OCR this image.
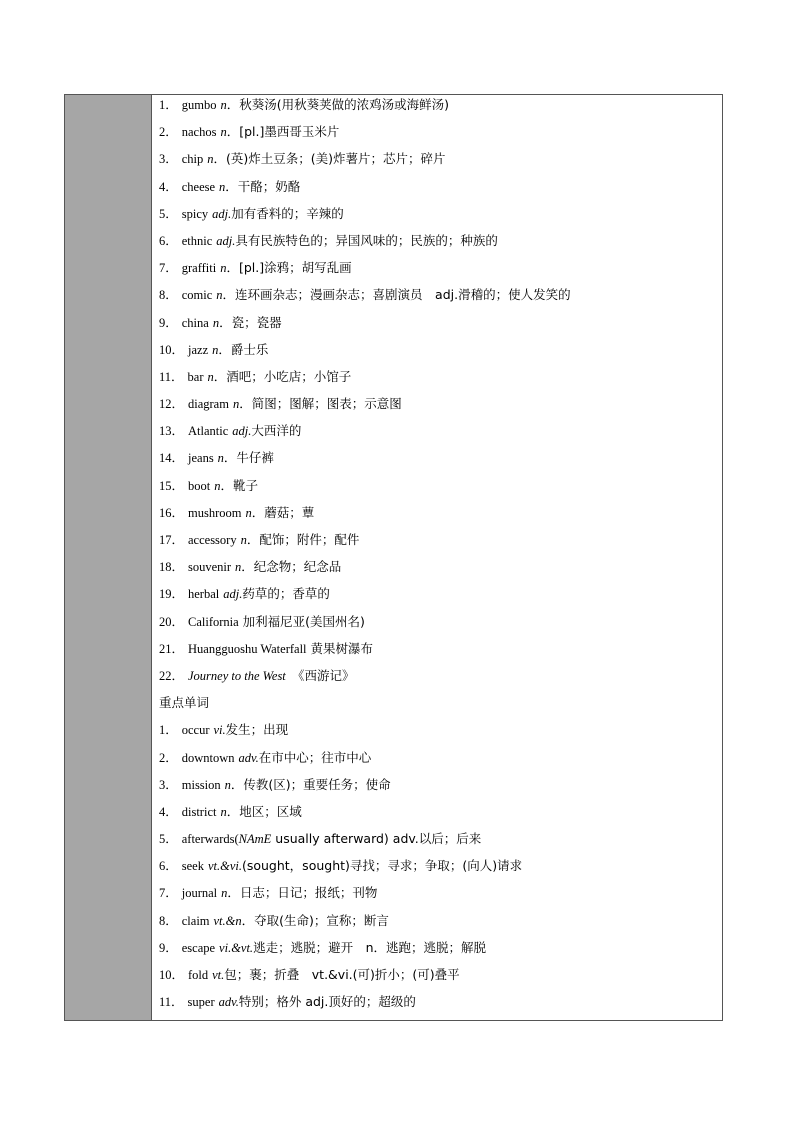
1． gumbo n．秋葵汤(用秋葵荚做的浓鸡汤或海鲜汤)
2． nachos n．[pl.]墨西哥玉米片
3． chip n．(英)炸土豆条；(美)炸薯片；芯片；碎片
4． cheese n．干酪；奶酪
5． spicy adj.加有香料的；辛辣的
6． ethnic adj.具有民族特色的；异国风味的；民族的；种族的
7． graffiti n．[pl.]涂鸦；胡写乱画
8． comic n．连环画杂志；漫画杂志；喜剧演员　adj.滑稽的；使人发笑的
9． china n．瓷；瓷器
10． jazz n．爵士乐
11． bar n．酒吧；小吃店；小馆子
12． diagram n．简图；图解；图表；示意图
13． Atlantic adj.大西洋的
14． jeans n．牛仔裤
15． boot n．靴子
16． mushroom n．蘑菇；蕈
17． accessory n．配饰；附件；配件
18． souvenir n．纪念物；纪念品
19． herbal adj.药草的；香草的
20． California 加利福尼亚(美国州名)
21． Huangguoshu Waterfall 黄果树瀑布
22． Journey to the West　《西游记》
重点单词
1． occur vi.发生；出现
2． downtown adv.在市中心；往市中心
3． mission n．传教(区)；重要任务；使命
4． district n．地区；区域
5． afterwards(NAmE usually afterward) adv.以后；后来
6． seek vt.&vi.(sought，sought)寻找；寻求；争取；(向人)请求
7． journal n．日志；日记；报纸；刊物
8． claim vt.&n．夺取(生命)；宣称；断言
9． escape vi.&vt.逃走；逃脱；避开　n．逃跑；逃脱；解脱
10． fold vt.包；裹；折叠　vt.&vi.(可)折小；(可)叠平
11． super adv.特别；格外 adj.顶好的；超级的
